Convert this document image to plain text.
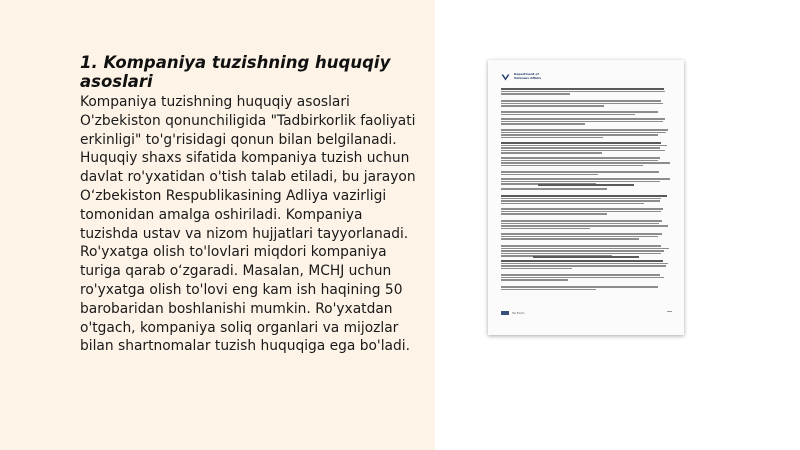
1. Kompaniya tuzishning huquqiy asoslari

Kompaniya tuzishning huquqiy asoslari O'zbekiston qonunchiligida "Tadbirkorlik faoliyati erkinligi" to'g'risidagi qonun bilan belgilanadi. Huquqiy shaxs sifatida kompaniya tuzish uchun davlat ro'yxatidan o'tish talab etiladi, bu jarayon O‘zbekiston Respublikasining Adliya vazirligi tomonidan amalga oshiriladi. Kompaniya tuzishda ustav va nizom hujjatlari tayyorlanadi. Ro'yxatga olish to'lovlari miqdori kompaniya turiga qarab o‘zgaradi. Masalan, MCHJ uchun ro'yxatga olish to'lovi eng kam ish haqining 50 barobaridan boshlanishi mumkin. Ro'yxatdan o'tgach, kompaniya soliq organlari va mijozlar bilan shartnomalar tuzish huquqiga ega bo'ladi.

Department of
Veterans Affairs
VA Form
